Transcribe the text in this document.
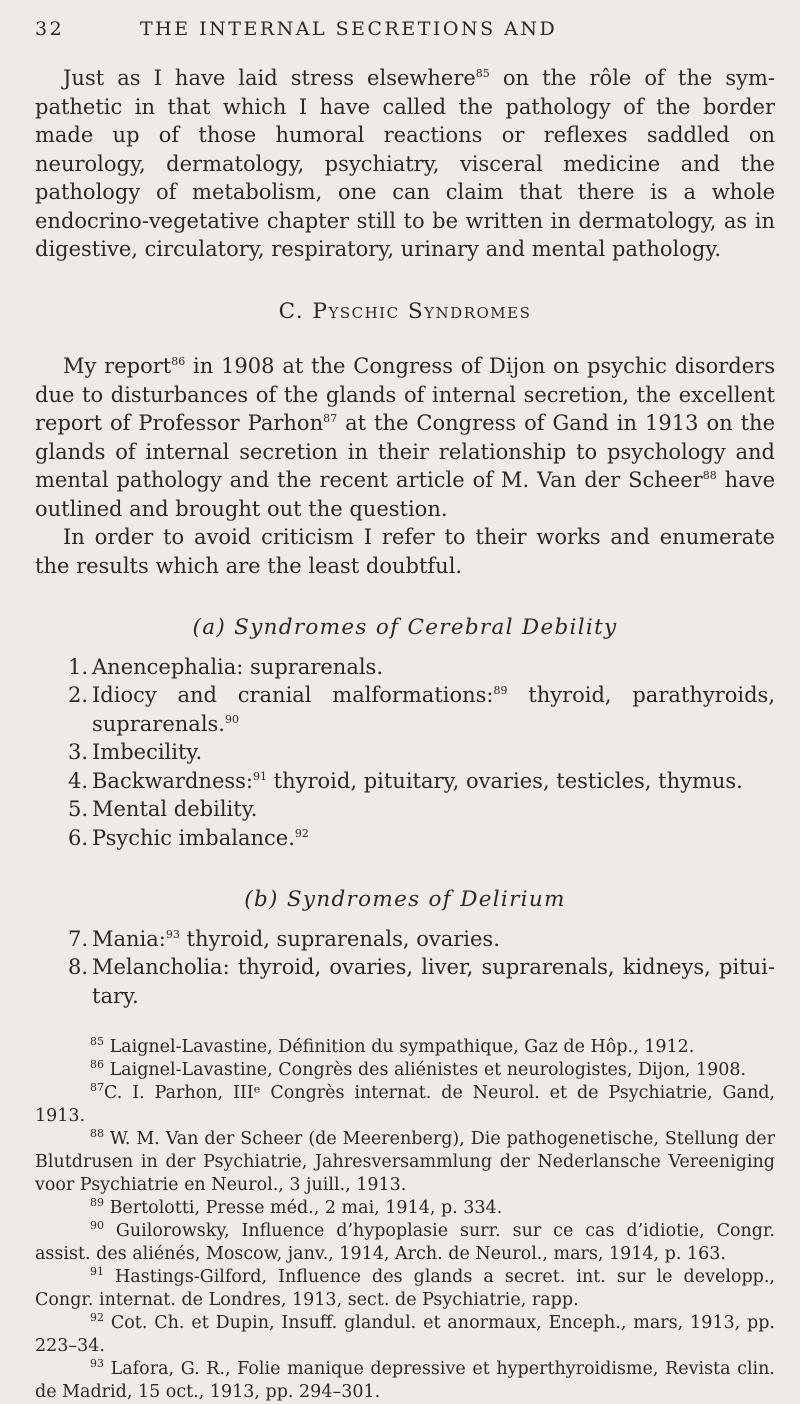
32	THE INTERNAL SECRETIONS AND

Just as I have laid stress elsewhere$^{85}$ on the rôle of the sympathetic in that which I have called the pathology of the border made up of those humoral reactions or reflexes saddled on neurology, dermatology, psychiatry, visceral medicine and the pathology of metabolism, one can claim that there is a whole endocrino-vegetative chapter still to be written in dermatology, as in digestive, circulatory, respiratory, urinary and mental pathology.

C. Pyschic Syndromes

My report$^{86}$ in 1908 at the Congress of Dijon on psychic disorders due to disturbances of the glands of internal secretion, the excellent report of Professor Parhon$^{87}$ at the Congress of Gand in 1913 on the glands of internal secretion in their relationship to psychology and mental pathology and the recent article of M. Van der Scheer$^{88}$ have outlined and brought out the question.

In order to avoid criticism I refer to their works and enumerate the results which are the least doubtful.

(a) Syndromes of Cerebral Debility

1. Anencephalia: suprarenals.
2. Idiocy and cranial malformations:$^{89}$ thyroid, parathyroids, suprarenals.$^{90}$
3. Imbecility.
4. Backwardness:$^{91}$ thyroid, pituitary, ovaries, testicles, thymus.
5. Mental debility.
6. Psychic imbalance.$^{92}$

(b) Syndromes of Delirium

7. Mania:$^{93}$ thyroid, suprarenals, ovaries.
8. Melancholia: thyroid, ovaries, liver, suprarenals, kidneys, pituitary.

$^{85}$ Laignel-Lavastine, Définition du sympathique, Gaz de Hôp., 1912.

$^{86}$ Laignel-Lavastine, Congrès des aliénistes et neurologistes, Dijon, 1908.

$^{87}$C. I. Parhon, IIIᵉ Congrès internat. de Neurol. et de Psychiatrie, Gand, 1913.

$^{88}$ W. M. Van der Scheer (de Meerenberg), Die pathogenetische, Stellung der Blutdrusen in der Psychiatrie, Jahresversammlung der Nederlansche Vereeniging voor Psychiatrie en Neurol., 3 juill., 1913.

$^{89}$ Bertolotti, Presse méd., 2 mai, 1914, p. 334.

$^{90}$ Guilorowsky, Influence d’hypoplasie surr. sur ce cas d’idiotie, Congr. assist. des aliénés, Moscow, janv., 1914, Arch. de Neurol., mars, 1914, p. 163.

$^{91}$ Hastings-Gilford, Influence des glands a secret. int. sur le developp., Congr. internat. de Londres, 1913, sect. de Psychiatrie, rapp.

$^{92}$ Cot. Ch. et Dupin, Insuff. glandul. et anormaux, Enceph., mars, 1913, pp. 223–34.

$^{93}$ Lafora, G. R., Folie manique depressive et hyperthyroidisme, Revista clin. de Madrid, 15 oct., 1913, pp. 294–301.
